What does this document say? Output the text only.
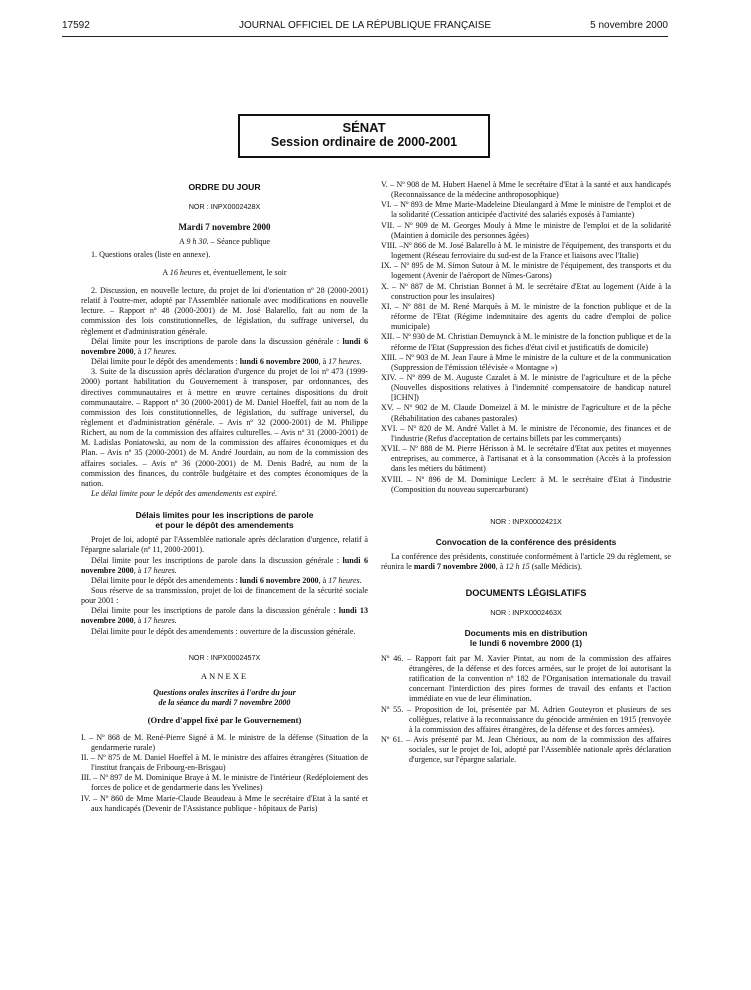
17592	JOURNAL OFFICIEL DE LA RÉPUBLIQUE FRANÇAISE	5 novembre 2000
SÉNAT
Session ordinaire de 2000-2001
ORDRE DU JOUR
NOR : INPX0002428X
Mardi 7 novembre 2000
A 9 h 30. – Séance publique

1. Questions orales (liste en annexe).

A 16 heures et, éventuellement, le soir

2. Discussion, en nouvelle lecture, du projet de loi d'orientation nº 28 (2000-2001) relatif à l'outre-mer, adopté par l'Assemblée nationale avec modifications en nouvelle lecture. – Rapport nº 48 (2000-2001) de M. José Balarello, fait au nom de la commission des lois constitutionnelles, de législation, du suffrage universel, du règlement et d'administration générale.

Délai limite pour les inscriptions de parole dans la discussion générale : lundi 6 novembre 2000, à 17 heures.

Délai limite pour le dépôt des amendements : lundi 6 novembre 2000, à 17 heures.

3. Suite de la discussion après déclaration d'urgence du projet de loi nº 473 (1999-2000) portant habilitation du Gouvernement à transposer, par ordonnances, des directives communautaires et à mettre en œuvre certaines dispositions du droit communautaire. – Rapport nº 30 (2000-2001) de M. Daniel Hoeffel, fait au nom de la commission des lois constitutionnelles, de législation, du suffrage universel, du règlement et d'administration générale. – Avis nº 32 (2000-2001) de M. Philippe Richert, au nom de la commission des affaires culturelles. – Avis nº 31 (2000-2001) de M. Ladislas Poniatowski, au nom de la commission des affaires économiques et du Plan. – Avis nº 35 (2000-2001) de M. André Jourdain, au nom de la commission des affaires sociales. – Avis nº 36 (2000-2001) de M. Denis Badré, au nom de la commission des finances, du contrôle budgétaire et des comptes économiques de la nation.

Le délai limite pour le dépôt des amendements est expiré.

Délais limites pour les inscriptions de parole
et pour le dépôt des amendements

Projet de loi, adopté par l'Assemblée nationale après déclaration d'urgence, relatif à l'épargne salariale (nº 11, 2000-2001).

Délai limite pour les inscriptions de parole dans la discussion générale : lundi 6 novembre 2000, à 17 heures.

Délai limite pour le dépôt des amendements : lundi 6 novembre 2000, à 17 heures.

Sous réserve de sa transmission, projet de loi de financement de la sécurité sociale pour 2001 :

Délai limite pour les inscriptions de parole dans la discussion générale : lundi 13 novembre 2000, à 17 heures.

Délai limite pour le dépôt des amendements : ouverture de la discussion générale.

NOR : INPX0002457X
ANNEXE
Questions orales inscrites à l'ordre du jour
de la séance du mardi 7 novembre 2000
(Ordre d'appel fixé par le Gouvernement)

I. – Nº 868 de M. René-Pierre Signé à M. le ministre de la défense (Situation de la gendarmerie rurale)

II. – Nº 875 de M. Daniel Hoeffel à M. le ministre des affaires étrangères (Situation de l'institut français de Fribourg-en-Brisgau)

III. – Nº 897 de M. Dominique Braye à M. le ministre de l'intérieur (Redéploiement des forces de police et de gendarmerie dans les Yvelines)

IV. – Nº 860 de Mme Marie-Claude Beaudeau à Mme le secrétaire d'Etat à la santé et aux handicapés (Devenir de l'Assistance publique - hôpitaux de Paris)

V. – Nº 908 de M. Hubert Haenel à Mme le secrétaire d'Etat à la santé et aux handicapés (Reconnaissance de la médecine anthroposophique)

VI. – Nº 893 de Mme Marie-Madeleine Dieulangard à Mme le ministre de l'emploi et de la solidarité (Cessation anticipée d'activité des salariés exposés à l'amiante)

VII. – Nº 909 de M. Georges Mouly à Mme le ministre de l'emploi et de la solidarité (Maintien à domicile des personnes âgées)

VIII. –Nº 866 de M. José Balarello à M. le ministre de l'équipement, des transports et du logement (Réseau ferroviaire du sud-est de la France et liaisons avec l'Italie)

IX. – Nº 895 de M. Simon Sutour à M. le ministre de l'équipement, des transports et du logement (Avenir de l'aéroport de Nîmes-Garons)

X. – Nº 887 de M. Christian Bonnet à M. le secrétaire d'Etat au logement (Aide à la construction pour les insulaires)

XI. – Nº 881 de M. René Marquès à M. le ministre de la fonction publique et de la réforme de l'Etat (Régime indemnitaire des agents du cadre d'emploi de police municipale)

XII. – Nº 930 de M. Christian Demuynck à M. le ministre de la fonction publique et de la réforme de l'Etat (Suppression des fiches d'état civil et justificatifs de domicile)

XIII. – Nº 903 de M. Jean Faure à Mme le ministre de la culture et de la communication (Suppression de l'émission télévisée « Montagne »)

XIV. – Nº 899 de M. Auguste Cazalet à M. le ministre de l'agriculture et de la pêche (Nouvelles dispositions relatives à l'indemnité compensatoire de handicap naturel [ICHN])

XV. – Nº 902 de M. Claude Domeizel à M. le ministre de l'agriculture et de la pêche (Réhabilitation des cabanes pastorales)

XVI. – Nº 820 de M. André Vallet à M. le ministre de l'économie, des finances et de l'industrie (Refus d'acceptation de certains billets par les commerçants)

XVII. – Nº 888 de M. Pierre Hérisson à M. le secrétaire d'Etat aux petites et moyennes entreprises, au commerce, à l'artisanat et à la consommation (Accès à la profession dans les métiers du bâtiment)

XVIII. – Nº 896 de M. Dominique Leclerc à M. le secrétaire d'Etat à l'industrie (Composition du nouveau supercarburant)

NOR : INPX0002421X
Convocation de la conférence des présidents

La conférence des présidents, constituée conformément à l'article 29 du règlement, se réunira le mardi 7 novembre 2000, à 12 h 15 (salle Médicis).

DOCUMENTS LÉGISLATIFS
NOR : INPX0002463X
Documents mis en distribution
le lundi 6 novembre 2000 (1)

Nº 46. – Rapport fait par M. Xavier Pintat, au nom de la commission des affaires étrangères, de la défense et des forces armées, sur le projet de loi autorisant la ratification de la convention nº 182 de l'Organisation internationale du travail concernant l'interdiction des pires formes de travail des enfants et l'action immédiate en vue de leur élimination.

Nº 55. – Proposition de loi, présentée par M. Adrien Gouteyron et plusieurs de ses collègues, relative à la reconnaissance du génocide arménien en 1915 (renvoyée à la commission des affaires étrangères, de la défense et des forces armées).

Nº 61. – Avis présenté par M. Jean Chérioux, au nom de la commission des affaires sociales, sur le projet de loi, adopté par l'Assemblée nationale après déclaration d'urgence, sur l'épargne salariale.
